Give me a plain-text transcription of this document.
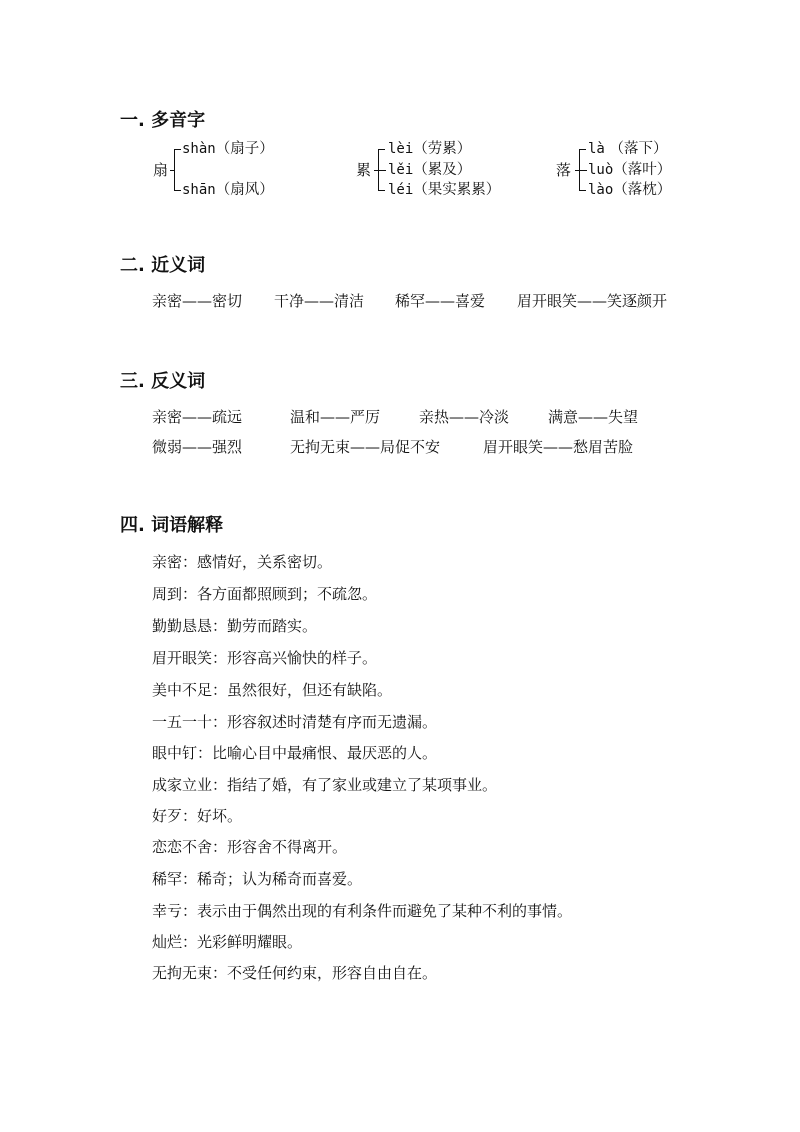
一. 多音字
扇
shàn（扇子）
shān（扇风）
累
lèi（劳累）
lěi（累及）
léi（果实累累）
落
là （落下）
luò（落叶）
lào（落枕）
二. 近义词
亲密——密切 干净——清洁 稀罕——喜爱 眉开眼笑——笑逐颜开
三. 反义词
亲密——疏远	温和——严厉	亲热——冷淡	满意——失望
微弱——强烈	无拘无束——局促不安	眉开眼笑——愁眉苦脸
四. 词语解释
亲密：感情好，关系密切。
周到：各方面都照顾到；不疏忽。
勤勤恳恳：勤劳而踏实。
眉开眼笑：形容高兴愉快的样子。
美中不足：虽然很好，但还有缺陷。
一五一十：形容叙述时清楚有序而无遗漏。
眼中钉：比喻心目中最痛恨、最厌恶的人。
成家立业：指结了婚，有了家业或建立了某项事业。
好歹：好坏。
恋恋不舍：形容舍不得离开。
稀罕：稀奇；认为稀奇而喜爱。
幸亏：表示由于偶然出现的有利条件而避免了某种不利的事情。
灿烂：光彩鲜明耀眼。
无拘无束：不受任何约束，形容自由自在。
